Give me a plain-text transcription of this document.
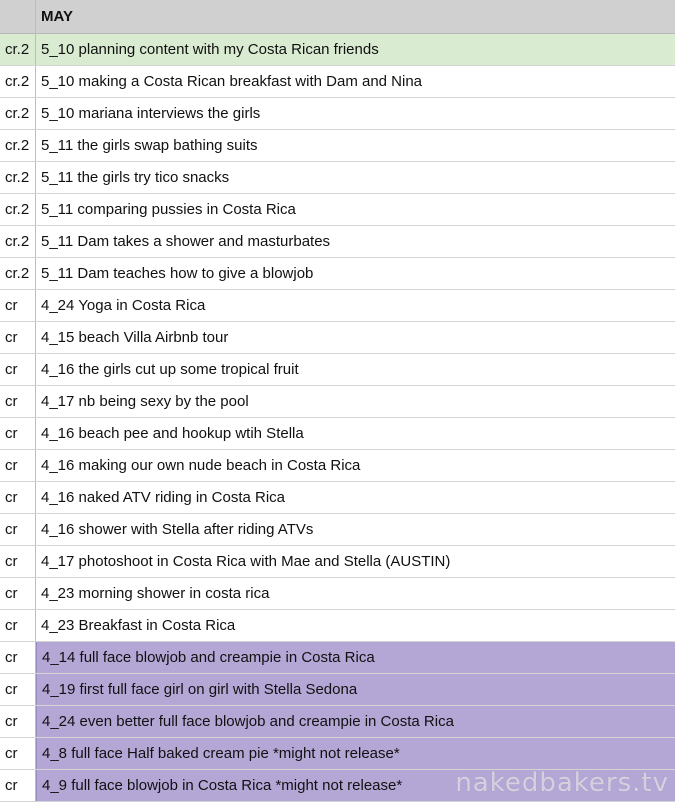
MAY
cr.2 5_10 planning content with my Costa Rican friends
cr.2 5_10 making a Costa Rican breakfast with Dam and Nina
cr.2 5_10 mariana interviews the girls
cr.2 5_11 the girls swap bathing suits
cr.2 5_11 the girls try tico snacks
cr.2 5_11 comparing pussies in Costa Rica
cr.2 5_11 Dam takes a shower and masturbates
cr.2 5_11 Dam teaches how to give a blowjob
cr	4_24 Yoga in Costa Rica
cr	4_15 beach Villa Airbnb tour
cr	4_16 the girls cut up some tropical fruit
cr	4_17 nb being sexy by the pool
cr	4_16 beach pee and hookup wtih Stella
cr	4_16 making our own nude beach in Costa Rica
cr	4_16 naked ATV riding in Costa Rica
cr	4_16 shower with Stella after riding ATVs
cr	4_17 photoshoot in Costa Rica with Mae and Stella (AUSTIN)
cr	4_23 morning shower in costa rica
cr	4_23 Breakfast in Costa Rica
cr	4_14 full face blowjob and creampie in Costa Rica
cr	4_19 first full face girl on girl with Stella Sedona
cr	4_24 even better full face blowjob and creampie in Costa Rica
cr	4_8 full face Half baked cream pie *might not release*
cr	4_9 full face blowjob in Costa Rica *might not release*	nakedbakers.tv
